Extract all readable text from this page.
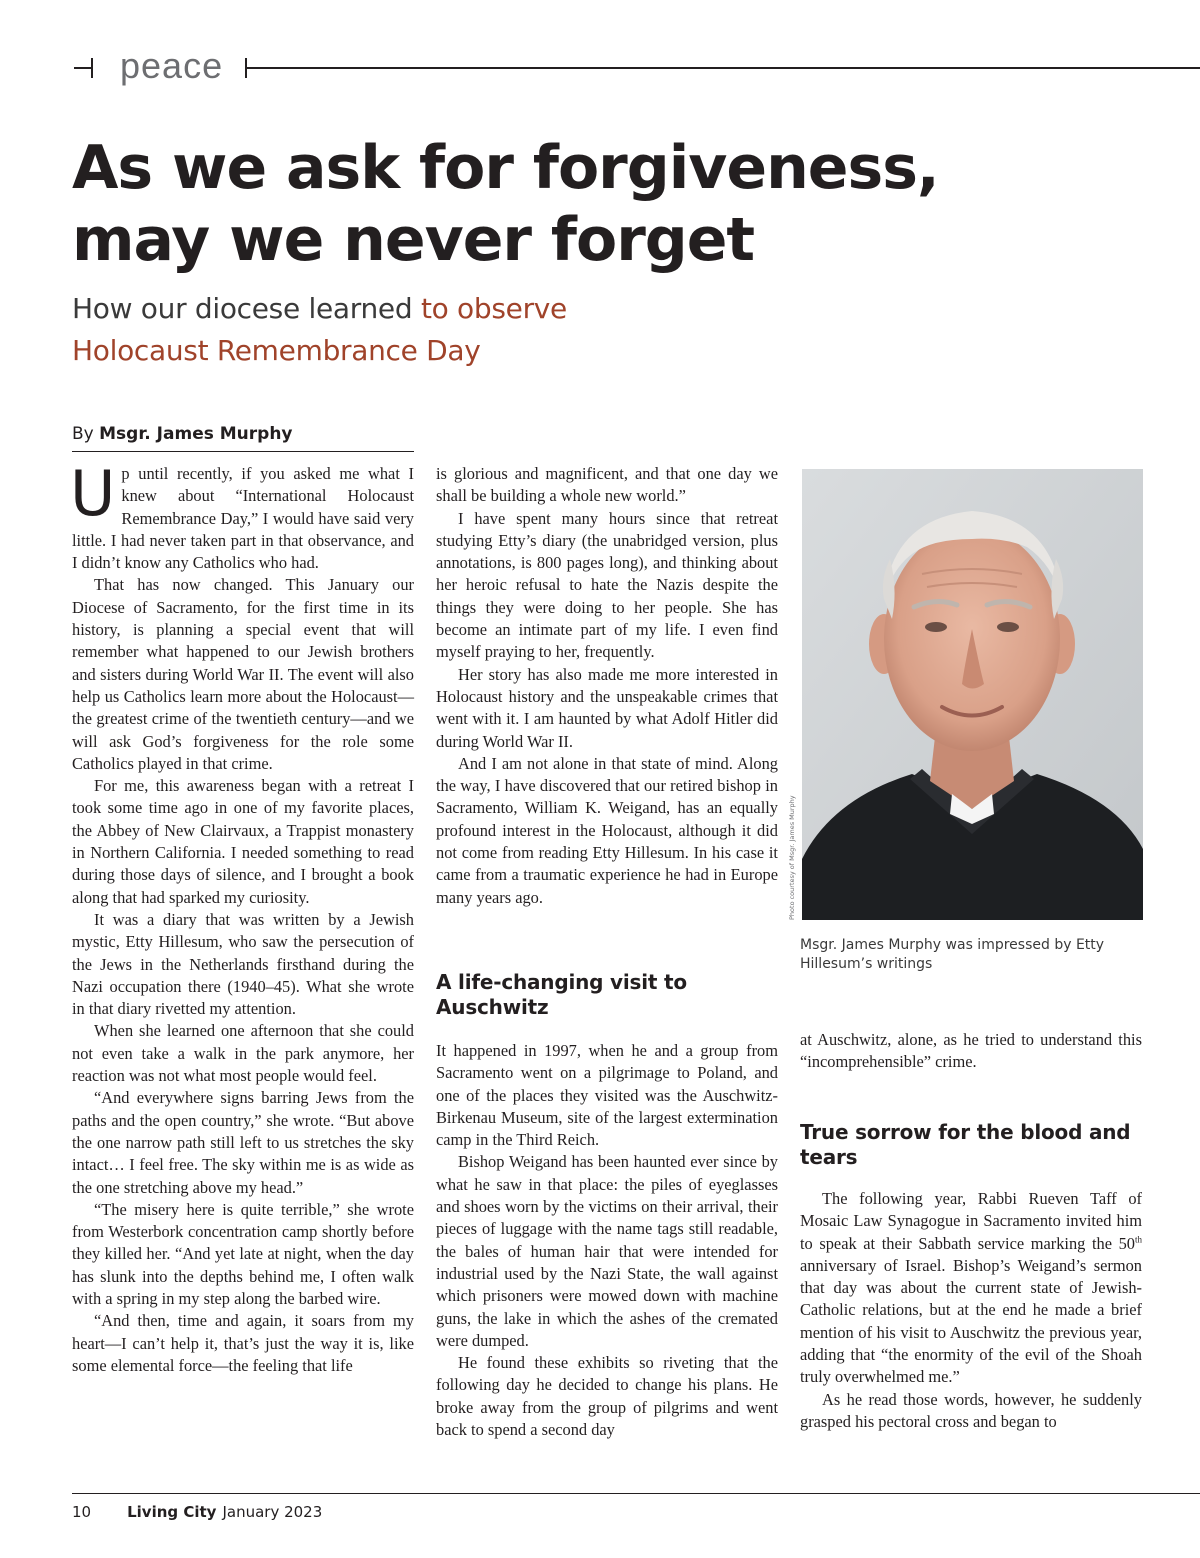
peace
As we ask for forgiveness,
may we never forget
How our diocese learned to observe
Holocaust Remembrance Day
By Msgr. James Murphy

Up until recently, if you asked me what I knew about “International Holocaust Remembrance Day,” I would have said very little. I had never taken part in that observance, and I didn’t know any Catholics who had.

That has now changed. This January our Diocese of Sacramento, for the first time in its history, is planning a special event that will remember what happened to our Jewish brothers and sisters during World War II. The event will also help us Catholics learn more about the Holocaust—the greatest crime of the twentieth century—and we will ask God’s forgiveness for the role some Catholics played in that crime.

For me, this awareness began with a retreat I took some time ago in one of my favorite places, the Abbey of New Clairvaux, a Trappist monastery in Northern California. I needed something to read during those days of silence, and I brought a book along that had sparked my curiosity.

It was a diary that was written by a Jewish mystic, Etty Hillesum, who saw the persecution of the Jews in the Netherlands firsthand during the Nazi occupation there (1940–45). What she wrote in that diary rivetted my attention.

When she learned one afternoon that she could not even take a walk in the park anymore, her reaction was not what most people would feel.

“And everywhere signs barring Jews from the paths and the open country,” she wrote. “But above the one narrow path still left to us stretches the sky intact… I feel free. The sky within me is as wide as the one stretching above my head.”

“The misery here is quite terrible,” she wrote from Westerbork concentration camp shortly before they killed her. “And yet late at night, when the day has slunk into the depths behind me, I often walk with a spring in my step along the barbed wire.

“And then, time and again, it soars from my heart—I can’t help it, that’s just the way it is, like some elemental force—the feeling that life

is glorious and magnificent, and that one day we shall be building a whole new world.”

I have spent many hours since that retreat studying Etty’s diary (the unabridged version, plus annotations, is 800 pages long), and thinking about her heroic refusal to hate the Nazis despite the things they were doing to her people. She has become an intimate part of my life. I even find myself praying to her, frequently.

Her story has also made me more interested in Holocaust history and the unspeakable crimes that went with it. I am haunted by what Adolf Hitler did during World War II.

And I am not alone in that state of mind. Along the way, I have discovered that our retired bishop in Sacramento, William K. Weigand, has an equally profound interest in the Holocaust, although it did not come from reading Etty Hillesum. In his case it came from a traumatic experience he had in Europe many years ago.

A life-changing visit to Auschwitz

It happened in 1997, when he and a group from Sacramento went on a pilgrimage to Poland, and one of the places they visited was the Auschwitz-Birkenau Museum, site of the largest extermination camp in the Third Reich.

Bishop Weigand has been haunted ever since by what he saw in that place: the piles of eyeglasses and shoes worn by the victims on their arrival, their pieces of luggage with the name tags still readable, the bales of human hair that were intended for industrial used by the Nazi State, the wall against which prisoners were mowed down with machine guns, the lake in which the ashes of the cremated were dumped.

He found these exhibits so riveting that the following day he decided to change his plans. He broke away from the group of pilgrims and went back to spend a second day

Photo courtesy of Msgr. James Murphy
Msgr. James Murphy was impressed by Etty Hillesum’s writings

at Auschwitz, alone, as he tried to understand this “incomprehensible” crime.

True sorrow for the blood and tears

The following year, Rabbi Rueven Taff of Mosaic Law Synagogue in Sacramento invited him to speak at their Sabbath service marking the 50th anniversary of Israel. Bishop’s Weigand’s sermon that day was about the current state of Jewish-Catholic relations, but at the end he made a brief mention of his visit to Auschwitz the previous year, adding that “the enormity of the evil of the Shoah truly overwhelmed me.”

As he read those words, however, he suddenly grasped his pectoral cross and began to

10 Living City January 2023
